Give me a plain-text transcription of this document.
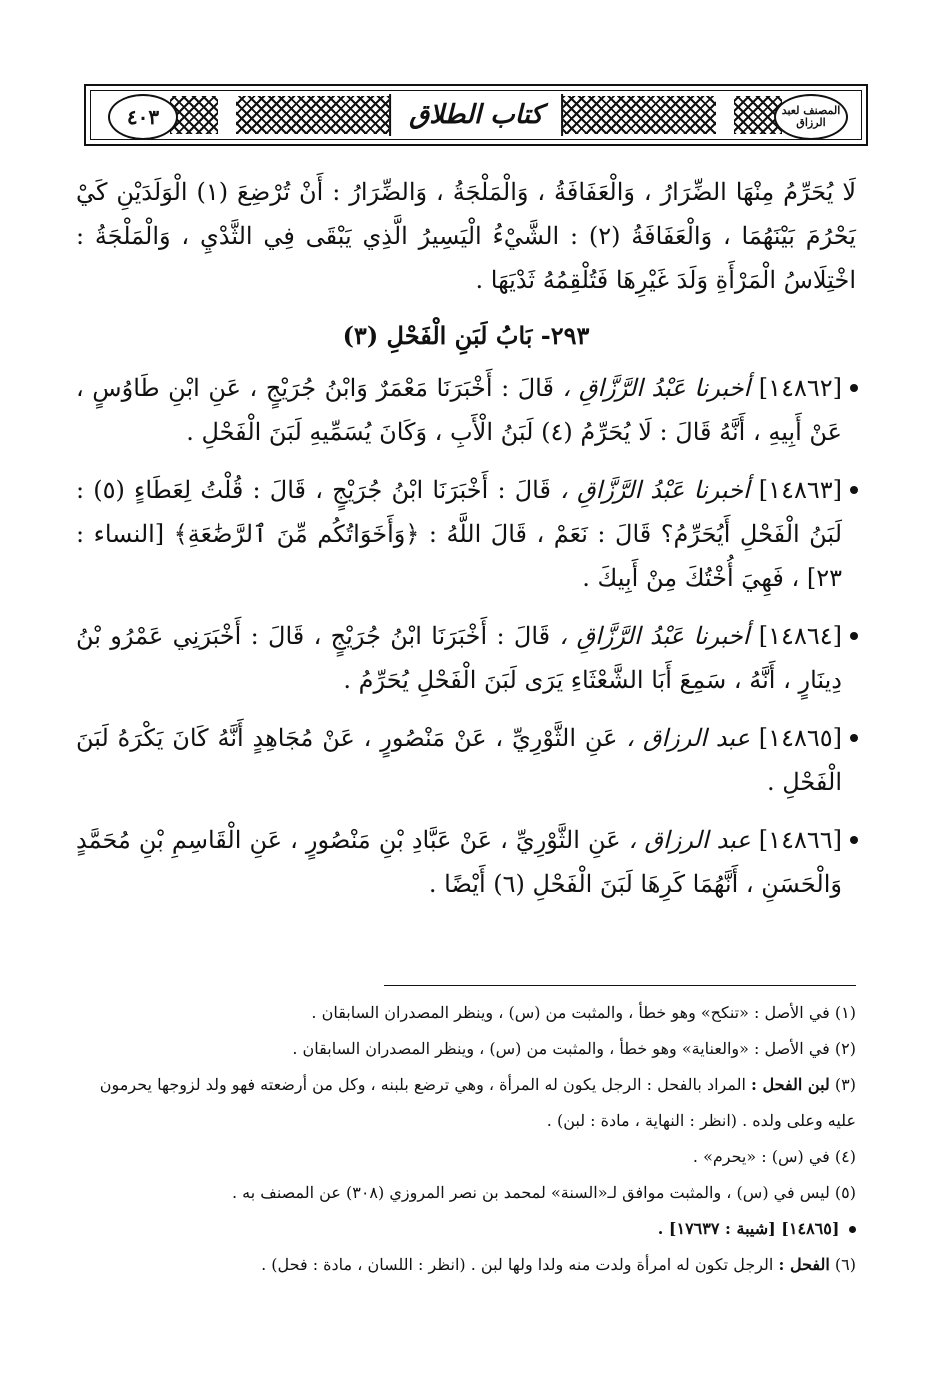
٤٠٣	كتاب الطلاق	المصنف لعبد الرزاق

لَا يُحَرِّمُ مِنْهَا الضِّرَارُ ، وَالْعَفَافَةُ ، وَالْمَلْجَةُ ، وَالضِّرَارُ : أَنْ تُرْضِعَ (١) الْوَلَدَيْنِ كَيْ يَحْرُمَ بَيْنَهُمَا ، وَالْعَفَافَةُ (٢) : الشَّيْءُ الْيَسِيرُ الَّذِي يَبْقَى فِي الثَّدْيِ ، وَالْمَلْجَةُ : اخْتِلَاسُ الْمَرْأَةِ وَلَدَ غَيْرِهَا فَتُلْقِمُهُ ثَدْيَهَا .

٢٩٣- بَابُ لَبَنِ الْفَحْلِ (٣)
[١٤٨٦٢] أخبرنا عَبْدُ الرَّزَّاقِ ، قَالَ : أَخْبَرَنَا مَعْمَرٌ وَابْنُ جُرَيْجٍ ، عَنِ ابْنِ طَاوُسٍ ، عَنْ أَبِيهِ ، أَنَّهُ قَالَ : لَا يُحَرِّمُ (٤) لَبَنُ الْأَبِ ، وَكَانَ يُسَمِّيهِ لَبَنَ الْفَحْلِ .
[١٤٨٦٣] أخبرنا عَبْدُ الرَّزَّاقِ ، قَالَ : أَخْبَرَنَا ابْنُ جُرَيْجٍ ، قَالَ : قُلْتُ لِعَطَاءٍ (٥) : لَبَنُ الْفَحْلِ أَيُحَرِّمُ؟ قَالَ : نَعَمْ ، قَالَ اللَّهُ : ﴿وَأَخَوَاتُكُم مِّنَ ٱلرَّضَٰعَةِ﴾ [النساء : ٢٣] ، فَهِيَ أُخْتُكَ مِنْ أَبِيكَ .
[١٤٨٦٤] أخبرنا عَبْدُ الرَّزَّاقِ ، قَالَ : أَخْبَرَنَا ابْنُ جُرَيْجٍ ، قَالَ : أَخْبَرَنِي عَمْرُو بْنُ دِينَارٍ ، أَنَّهُ ، سَمِعَ أَبَا الشَّعْثَاءِ يَرَى لَبَنَ الْفَحْلِ يُحَرِّمُ .
[١٤٨٦٥] عبد الرزاق ، عَنِ الثَّوْرِيِّ ، عَنْ مَنْصُورٍ ، عَنْ مُجَاهِدٍ أَنَّهُ كَانَ يَكْرَهُ لَبَنَ الْفَحْلِ .
[١٤٨٦٦] عبد الرزاق ، عَنِ الثَّوْرِيِّ ، عَنْ عَبَّادِ بْنِ مَنْصُورٍ ، عَنِ الْقَاسِمِ بْنِ مُحَمَّدٍ وَالْحَسَنِ ، أَنَّهُمَا كَرِهَا لَبَنَ الْفَحْلِ (٦) أَيْضًا .

(١) في الأصل : «تنكح» وهو خطأ ، والمثبت من (س) ، وينظر المصدران السابقان .

(٢) في الأصل : «والعناية» وهو خطأ ، والمثبت من (س) ، وينظر المصدران السابقان .

(٣) لبن الفحل : المراد بالفحل : الرجل يكون له المرأة ، وهي ترضع بلبنه ، وكل من أرضعته فهو ولد لزوجها يحرمون عليه وعلى ولده . (انظر : النهاية ، مادة : لبن) .

(٤) في (س) : «يحرم» .

(٥) ليس في (س) ، والمثبت موافق لـ«السنة» لمحمد بن نصر المروزي (٣٠٨) عن المصنف به .

[١٤٨٦٥] [شيبة : ١٧٦٣٧] .

(٦) الفحل : الرجل تكون له امرأة ولدت منه ولدا ولها لبن . (انظر : اللسان ، مادة : فحل) .
